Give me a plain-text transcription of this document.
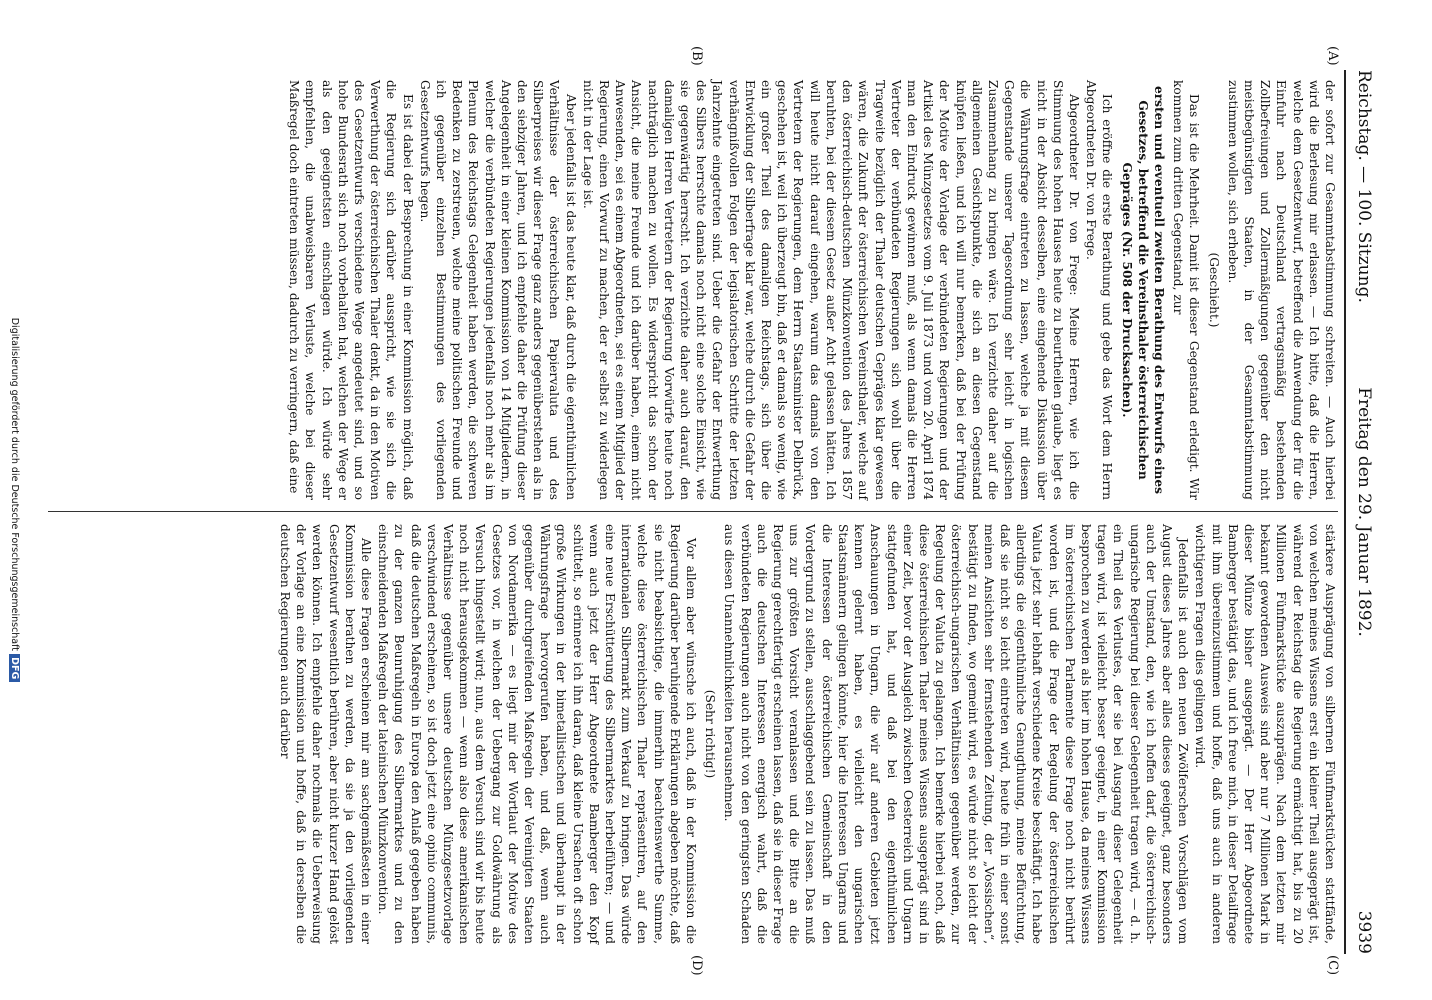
Reichstag. — 100. Sitzung.
Freitag den 29. Januar 1892.
3939
(A)
(B)
(C)
(D)

der sofort zur Gesammtabstimmung schreiten. — Auch hierbei wird die Berlesung mir erlassen. — Ich bitte, daß die Herren, welche dem Gesetzentwurf, betreffend die Anwendung der für die Einfuhr nach Deutschland vertragsmäßig bestehenden Zollbefreiungen und Zollermäßigungen gegenüber den nicht meistbegünstigten Staaten, in der Gesammtabstimmung zustimmen wollen, sich erheben.

(Geschieht.)

Das ist die Mehrheit. Damit ist dieser Gegenstand erledigt. Wir kommen zum dritten Gegenstand, zur

ersten und eventuell zweiten Berathung des Entwurfs eines Gesetzes, betreffend die Vereinsthaler österreichischen Gepräges (Nr. 508 der Drucksachen).

Ich eröffne die erste Berathung und gebe das Wort dem Herrn Abgeordneten Dr. von Frege.

Abgeordneter Dr. von Frege: Meine Herren, wie ich die Stimmung des hohen Hauses heute zu beurtheilen glaube, liegt es nicht in der Absicht desselben, eine eingehende Diskussion über die Währungsfrage eintreten zu lassen, welche ja mit diesem Gegenstande unserer Tagesordnung sehr leicht in logischen Zusammenhang zu bringen wäre. Ich verzichte daher auf die allgemeinen Gesichtspunkte, die sich an diesen Gegenstand knüpfen ließen, und ich will nur bemerken, daß bei der Prüfung der Motive der Vorlage der verbündeten Regierungen und der Artikel des Münzgesetzes vom 9. Juli 1873 und vom 20. April 1874 man den Eindruck gewinnen muß, als wenn damals die Herren Vertreter der verbündeten Regierungen sich wohl über die Tragweite bezüglich der Thaler deutschen Gepräges klar gewesen wären, die Zukunft der österreichischen Vereinsthaler, welche auf den österreichisch-deutschen Münzkonvention des Jahres 1857 beruhten, bei der diesem Gesetz außer Acht gelassen hätten. Ich will heute nicht darauf eingehen, warum das damals von den Vertretern der Regierungen, dem Herrn Staatsminister Delbrück, geschehen ist, weil ich überzeugt bin, daß er damals so wenig, wie ein großer Theil des damaligen Reichstags, sich über die Entwicklung der Silberfrage klar war, welche durch die Gefahr der verhängnißvollen Folgen der legislatorischen Schritte der letzten Jahrzehnte eingetreten sind. Ueber die Gefahr der Entwerthung des Silbers herrschte damals noch nicht eine solche Einsicht, wie sie gegenwärtig herrscht. Ich verzichte daher auch darauf, den damaligen Herren Vertretern der Regierung Vorwürfe heute noch nachträglich machen zu wollen. Es widerspricht das schon der Ansicht, die meine Freunde und ich darüber haben, einem nicht Anwesenden, sei es einem Abgeordneten, sei es einem Mitglied der Regierung, einen Vorwurf zu machen, der er selbst zu widerlegen nicht in der Lage ist.

Aber jedenfalls ist das heute klar, daß durch die eigenthümlichen Verhältnisse der österreichischen Papiervaluta und des Silberpreises wir dieser Frage ganz anders gegenüberstehen als in den siebziger Jahren, und ich empfehle daher die Prüfung dieser Angelegenheit in einer kleinen Kommission von 14 Mitgliedern, in welcher die verbündeten Regierungen jedenfalls noch mehr als im Plenum des Reichstags Gelegenheit haben werden, die schweren Bedenken zu zerstreuen, welche meine politischen Freunde und ich gegenüber einzelnen Bestimmungen des vorliegenden Gesetzentwurfs hegen.

Es ist dabei der Besprechung in einer Kommission möglich, daß die Regierung sich darüber ausspricht, wie sie sich die Verwerthung der österreichischen Thaler denkt, da in den Motiven des Gesetzentwurfs verschiedene Wege angedeutet sind, und so hohe Bundesrath sich noch vorbehalten hat, welchen der Wege er als den geeignetsten einschlagen würde. Ich würde sehr empfehlen, die unabweisbaren Verluste, welche bei dieser Maßregel doch eintreten müssen, dadurch zu verringern, daß eine

stärkere Ausprägung von silbernen Fünfmarkstücken stattfände, von welchen meines Wissens erst ein kleiner Theil ausgeprägt ist, während der Reichstag die Regierung ermächtigt hat, bis zu 20 Millionen Fünfmarkstücke auszuprägen. Nach dem letzten mir bekannt gewordenen Ausweis sind aber nur 7 Millionen Mark in dieser Münze bisher ausgeprägt. — Der Herr Abgeordnete Bamberger bestätigt das, und ich freue mich, in dieser Detailfrage mit ihm übereinzustimmen und hoffe, daß uns auch in anderen wichtigeren Fragen dies gelingen wird.

Jedenfalls ist auch den neuen Zwölferschen Vorschlägen vom August dieses Jahres aber alles dieses geeignet, ganz besonders auch der Umstand, den, wie ich hoffen darf, die österreichisch-ungarische Regierung bei dieser Gelegenheit tragen wird, — d. h. ein Theil des Verlustes, der sie bei Ausgang dieser Gelegenheit tragen wird, ist vielleicht besser geeignet, in einer Kommission besprochen zu werden als hier im hohen Hause, da meines Wissens im österreichischen Parlamente diese Frage noch nicht berührt worden ist, und die Frage der Regelung der österreichischen Valuta jetzt sehr lebhaft verschiedene Kreise beschäftigt. Ich habe allerdings die eigenthümliche Genugthuung, meine Befürchtung, daß sie nicht so leicht eintreten wird, heute früh in einer sonst meinen Ansichten sehr fernstehenden Zeitung, der „Vossischen“, bestätigt zu finden, wo gemeint wird, es würde nicht so leicht der österreichisch-ungarischen Verhältnissen gegenüber werden, zur Regelung der Valuta zu gelangen. Ich bemerke hierbei noch, daß diese österreichischen Thaler meines Wissens ausgeprägt sind in einer Zeit, bevor der Ausgleich zwischen Oesterreich und Ungarn stattgefunden hat, und daß bei den eigenthümlichen Anschauungen in Ungarn, die wir auf anderen Gebieten jetzt kennen gelernt haben, es vielleicht den ungarischen Staatsmännern gelingen könnte, hier die Interessen Ungarns und die Interessen der österreichischen Gemeinschaft in den Vordergrund zu stellen, ausschlaggebend sein zu lassen. Das muß uns zur größten Vorsicht veranlassen und die Bitte an die Regierung gerechtfertigt erscheinen lassen, daß sie in dieser Frage auch die deutschen Interessen energisch wahrt, daß die verbündeten Regierungen auch nicht von den geringsten Schaden aus diesen Unannehmlichkeiten herausnehmen.

(Sehr richtig!)

Vor allem aber wünsche ich auch, daß in der Kommission die Regierung darüber beruhigende Erklärungen abgeben möchte, daß sie nicht beabsichtige, die immerhin beachtenswerthe Summe, welche diese österreichischen Thaler repräsentiren, auf den internationalen Silbermarkt zum Verkauf zu bringen. Das würde eine neue Erschütterung des Silbermarktes herbeiführen; — und wenn auch jetzt der Herr Abgeordnete Bamberger den Kopf schüttelt, so erinnere ich ihn daran, daß kleine Ursachen oft schon große Wirkungen in der bimetallistischen und überhaupt in der Währungsfrage hervorgerufen haben, und daß, wenn auch gegenüber durchgreifenden Maßregeln der Vereinigten Staaten von Nordamerika — es liegt mir der Wortlaut der Motive des Gesetzes vor, in welchen der Uebergang zur Goldwährung als Versuch hingestellt wird; nun, aus dem Versuch sind wir bis heute noch nicht herausgekommen — wenn also diese amerikanischen Verhältnisse gegenüber unsere deutschen Münzgesetzvorlage verschwindend erscheinen, so ist doch jetzt eine opinio communis, daß die deutschen Maßregeln in Europa den Anlaß gegeben haben zu der ganzen Beunruhigung des Silbermarktes und zu den einschneidenden Maßregeln der lateinischen Münzkonvention.

Alle diese Fragen erscheinen mir am sachgemäßesten in einer Kommission berathen zu werden, da sie ja den vorliegenden Gesetzentwurf wesentlich berühren, aber nicht kurzer Hand gelöst werden können. Ich empfehle daher nochmals die Ueberweisung der Vorlage an eine Kommission und hoffe, daß in derselben die deutschen Regierungen auch darüber

Digitalisierung gefördert durch die Deutsche Forschungsgemeinschaft DFG
